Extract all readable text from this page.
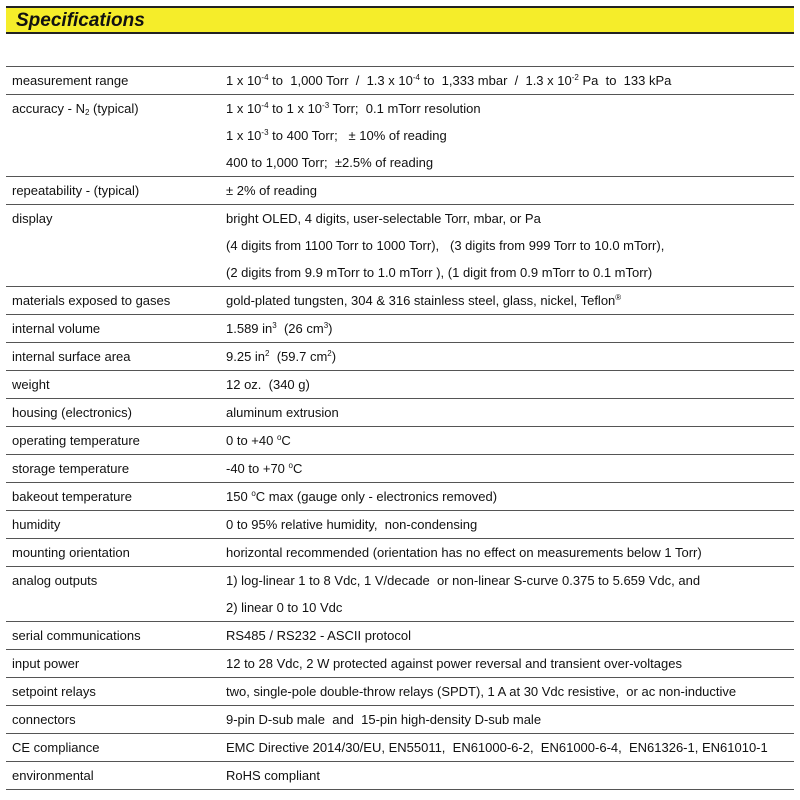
Specifications
measurement range	1 x $10^{-4}$ to  1,000 Torr  /  1.3 x $10^{-4}$ to  1,333 mbar  /  1.3 x $10^{-2}$ Pa  to  133 kPa

accuracy - $N_2$ (typical)	1 x $10^{-4}$ to 1 x $10^{-3}$ Torr;  0.1 mTorr resolution
1 x $10^{-3}$ to 400 Torr;   ± 10% of reading
400 to 1,000 Torr;  ±2.5% of reading

repeatability - (typical)	± 2% of reading

display	bright OLED, 4 digits, user-selectable Torr, mbar, or Pa
(4 digits from 1100 Torr to 1000 Torr),   (3 digits from 999 Torr to 10.0 mTorr),
(2 digits from 9.9 mTorr to 1.0 mTorr ), (1 digit from 0.9 mTorr to 0.1 mTorr)

materials exposed to gases	gold-plated tungsten, 304 & 316 stainless steel, glass, nickel, Teflon®

internal volume	1.589 $in^3$  (26 $cm^3$)

internal surface area	9.25 $in^2$  (59.7 $cm^2$)

weight	12 oz.  (340 g)

housing (electronics)	aluminum extrusion

operating temperature	0 to +40 $^o$C

storage temperature	-40 to +70 $^o$C

bakeout temperature	150 $^o$C max (gauge only - electronics removed)

humidity	0 to 95% relative humidity,  non-condensing

mounting orientation	horizontal recommended (orientation has no effect on measurements below 1 Torr)

analog outputs	1) log-linear 1 to 8 Vdc, 1 V/decade  or non-linear S-curve 0.375 to 5.659 Vdc, and
2) linear 0 to 10 Vdc

serial communications	RS485 / RS232 - ASCII protocol

input power	12 to 28 Vdc, 2 W protected against power reversal and transient over-voltages

setpoint relays	two, single-pole double-throw relays (SPDT), 1 A at 30 Vdc resistive,  or ac non-inductive

connectors	9-pin D-sub male  and  15-pin high-density D-sub male

CE compliance	EMC Directive 2014/30/EU, EN55011,  EN61000-6-2,  EN61000-6-4,  EN61326-1, EN61010-1

environmental	RoHS compliant
